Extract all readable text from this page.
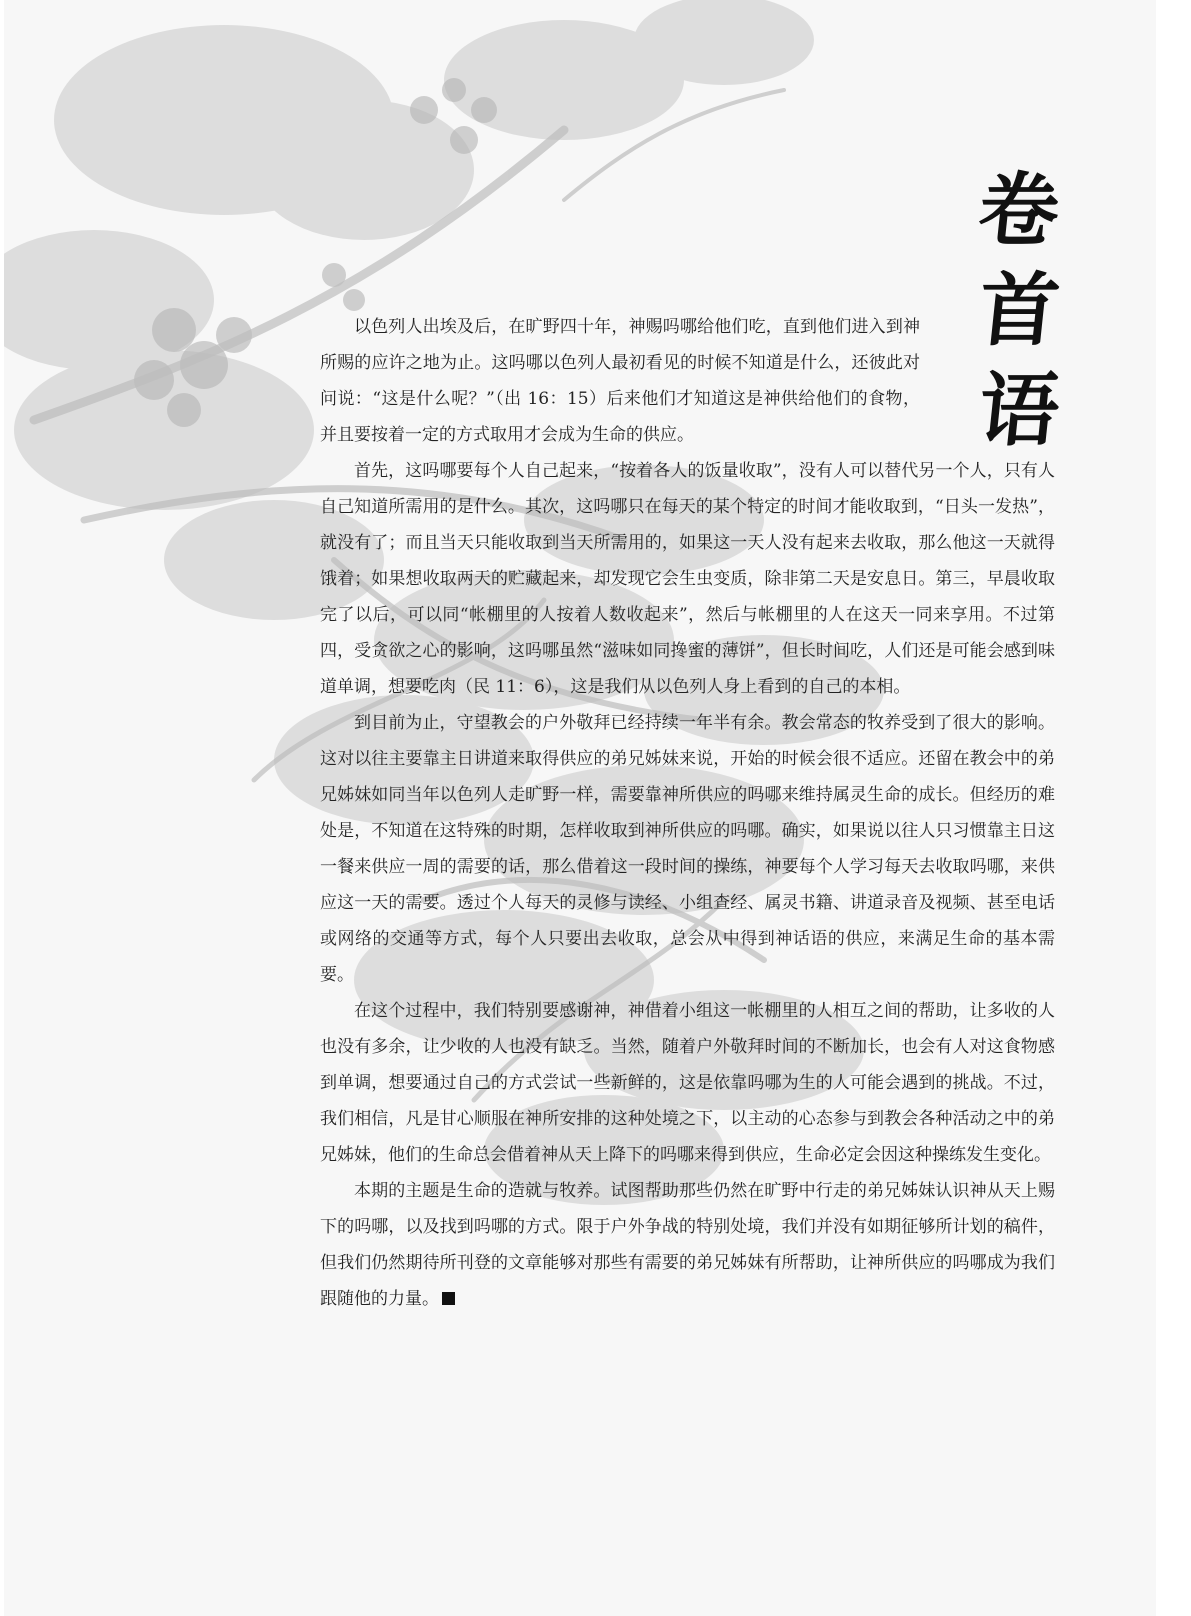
卷
首
语

以色列人出埃及后，在旷野四十年，神赐吗哪给他们吃，直到他们进入到神所赐的应许之地为止。这吗哪以色列人最初看见的时候不知道是什么，还彼此对问说：“这是什么呢？”（出 16：15）后来他们才知道这是神供给他们的食物，并且要按着一定的方式取用才会成为生命的供应。

首先，这吗哪要每个人自己起来，“按着各人的饭量收取”，没有人可以替代另一个人，只有人自己知道所需用的是什么。其次，这吗哪只在每天的某个特定的时间才能收取到，“日头一发热”，就没有了；而且当天只能收取到当天所需用的，如果这一天人没有起来去收取，那么他这一天就得饿着；如果想收取两天的贮藏起来，却发现它会生虫变质，除非第二天是安息日。第三，早晨收取完了以后，可以同“帐棚里的人按着人数收起来”，然后与帐棚里的人在这天一同来享用。不过第四，受贪欲之心的影响，这吗哪虽然“滋味如同搀蜜的薄饼”，但长时间吃，人们还是可能会感到味道单调，想要吃肉（民 11：6），这是我们从以色列人身上看到的自己的本相。

到目前为止，守望教会的户外敬拜已经持续一年半有余。教会常态的牧养受到了很大的影响。这对以往主要靠主日讲道来取得供应的弟兄姊妹来说，开始的时候会很不适应。还留在教会中的弟兄姊妹如同当年以色列人走旷野一样，需要靠神所供应的吗哪来维持属灵生命的成长。但经历的难处是，不知道在这特殊的时期，怎样收取到神所供应的吗哪。确实，如果说以往人只习惯靠主日这一餐来供应一周的需要的话，那么借着这一段时间的操练，神要每个人学习每天去收取吗哪，来供应这一天的需要。透过个人每天的灵修与读经、小组查经、属灵书籍、讲道录音及视频、甚至电话或网络的交通等方式，每个人只要出去收取，总会从中得到神话语的供应，来满足生命的基本需要。

在这个过程中，我们特别要感谢神，神借着小组这一帐棚里的人相互之间的帮助，让多收的人也没有多余，让少收的人也没有缺乏。当然，随着户外敬拜时间的不断加长，也会有人对这食物感到单调，想要通过自己的方式尝试一些新鲜的，这是依靠吗哪为生的人可能会遇到的挑战。不过，我们相信，凡是甘心顺服在神所安排的这种处境之下，以主动的心态参与到教会各种活动之中的弟兄姊妹，他们的生命总会借着神从天上降下的吗哪来得到供应，生命必定会因这种操练发生变化。

本期的主题是生命的造就与牧养。试图帮助那些仍然在旷野中行走的弟兄姊妹认识神从天上赐下的吗哪，以及找到吗哪的方式。限于户外争战的特别处境，我们并没有如期征够所计划的稿件，但我们仍然期待所刊登的文章能够对那些有需要的弟兄姊妹有所帮助，让神所供应的吗哪成为我们跟随他的力量。
